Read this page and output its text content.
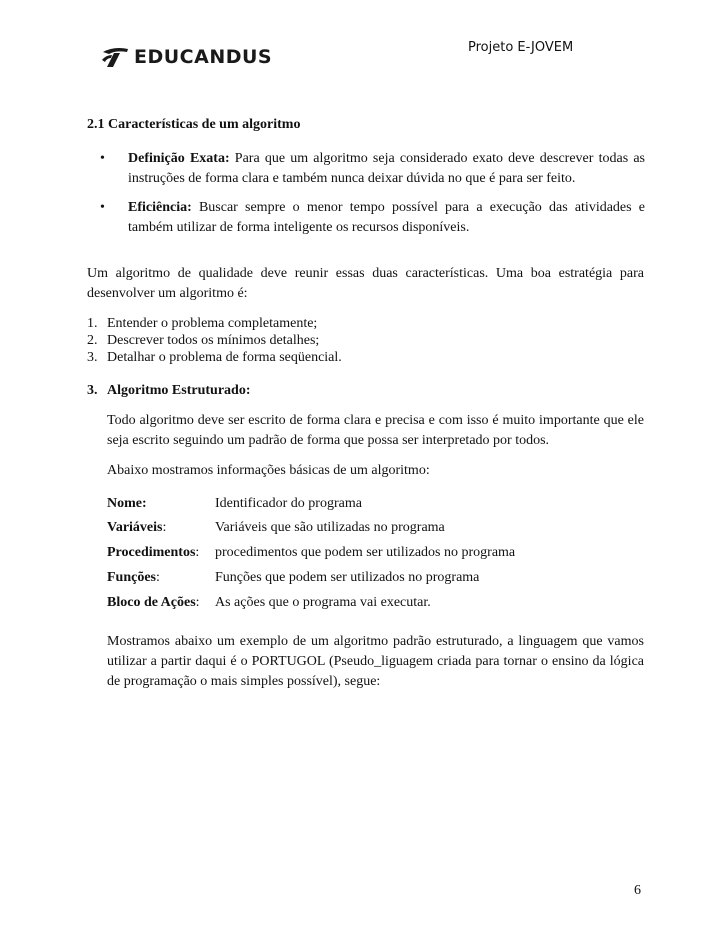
EDUCANDUS	Projeto E-JOVEM
2.1 Características de um algoritmo
• Definição Exata: Para que um algoritmo seja considerado exato deve descrever todas as instruções de forma clara e também nunca deixar dúvida no que é para ser feito.
• Eficiência: Buscar sempre o menor tempo possível para a execução das atividades e também utilizar de forma inteligente os recursos disponíveis.
Um algoritmo de qualidade deve reunir essas duas características. Uma boa estratégia para desenvolver um algoritmo é:
1. Entender o problema completamente;
2. Descrever todos os mínimos detalhes;
3. Detalhar o problema de forma seqüencial.
3. Algoritmo Estruturado:
Todo algoritmo deve ser escrito de forma clara e precisa e com isso é muito importante que ele seja escrito seguindo um padrão de forma que possa ser interpretado por todos.
Abaixo mostramos informações básicas de um algoritmo:
Nome:	Identificador do programa
Variáveis:	Variáveis que são utilizadas no programa
Procedimentos: procedimentos que podem ser utilizados no programa
Funções:	Funções que podem ser utilizados no programa
Bloco de Ações: As ações que o programa vai executar.
Mostramos abaixo um exemplo de um algoritmo padrão estruturado, a linguagem que vamos utilizar a partir daqui é o PORTUGOL (Pseudo_liguagem criada para tornar o ensino da lógica de programação o mais simples possível), segue:
6
